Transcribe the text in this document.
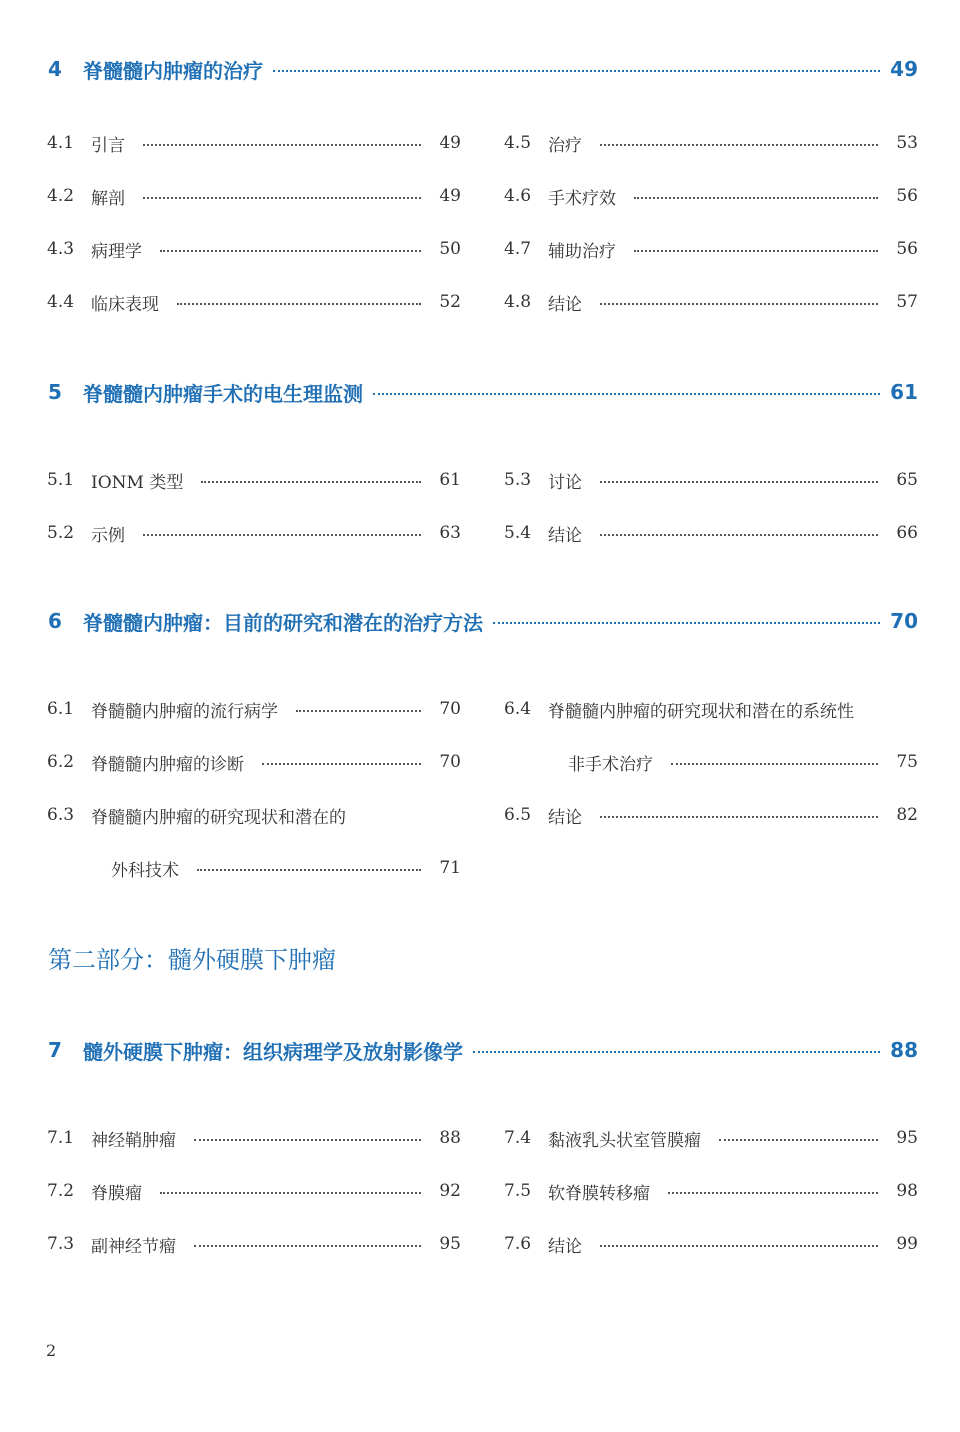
4	脊髓髓内肿瘤的治疗	49
4.1 引言	49
4.2 解剖	49
4.3 病理学	50
4.4 临床表现	52
4.5 治疗	53
4.6 手术疗效	56
4.7 辅助治疗	56
4.8 结论	57
5	脊髓髓内肿瘤手术的电生理监测	61
5.1 IONM 类型	61
5.2 示例	63
5.3 讨论	65
5.4 结论	66
6	脊髓髓内肿瘤：目前的研究和潜在的治疗方法	70
6.1 脊髓髓内肿瘤的流行病学	70
6.2 脊髓髓内肿瘤的诊断	70
6.3 脊髓髓内肿瘤的研究现状和潜在的
外科技术	71
6.4 脊髓髓内肿瘤的研究现状和潜在的系统性
非手术治疗	75
6.5 结论	82
第二部分：髓外硬膜下肿瘤
7	髓外硬膜下肿瘤：组织病理学及放射影像学	88
7.1 神经鞘肿瘤	88
7.2 脊膜瘤	92
7.3 副神经节瘤	95
7.4 黏液乳头状室管膜瘤	95
7.5 软脊膜转移瘤	98
7.6 结论	99
2
